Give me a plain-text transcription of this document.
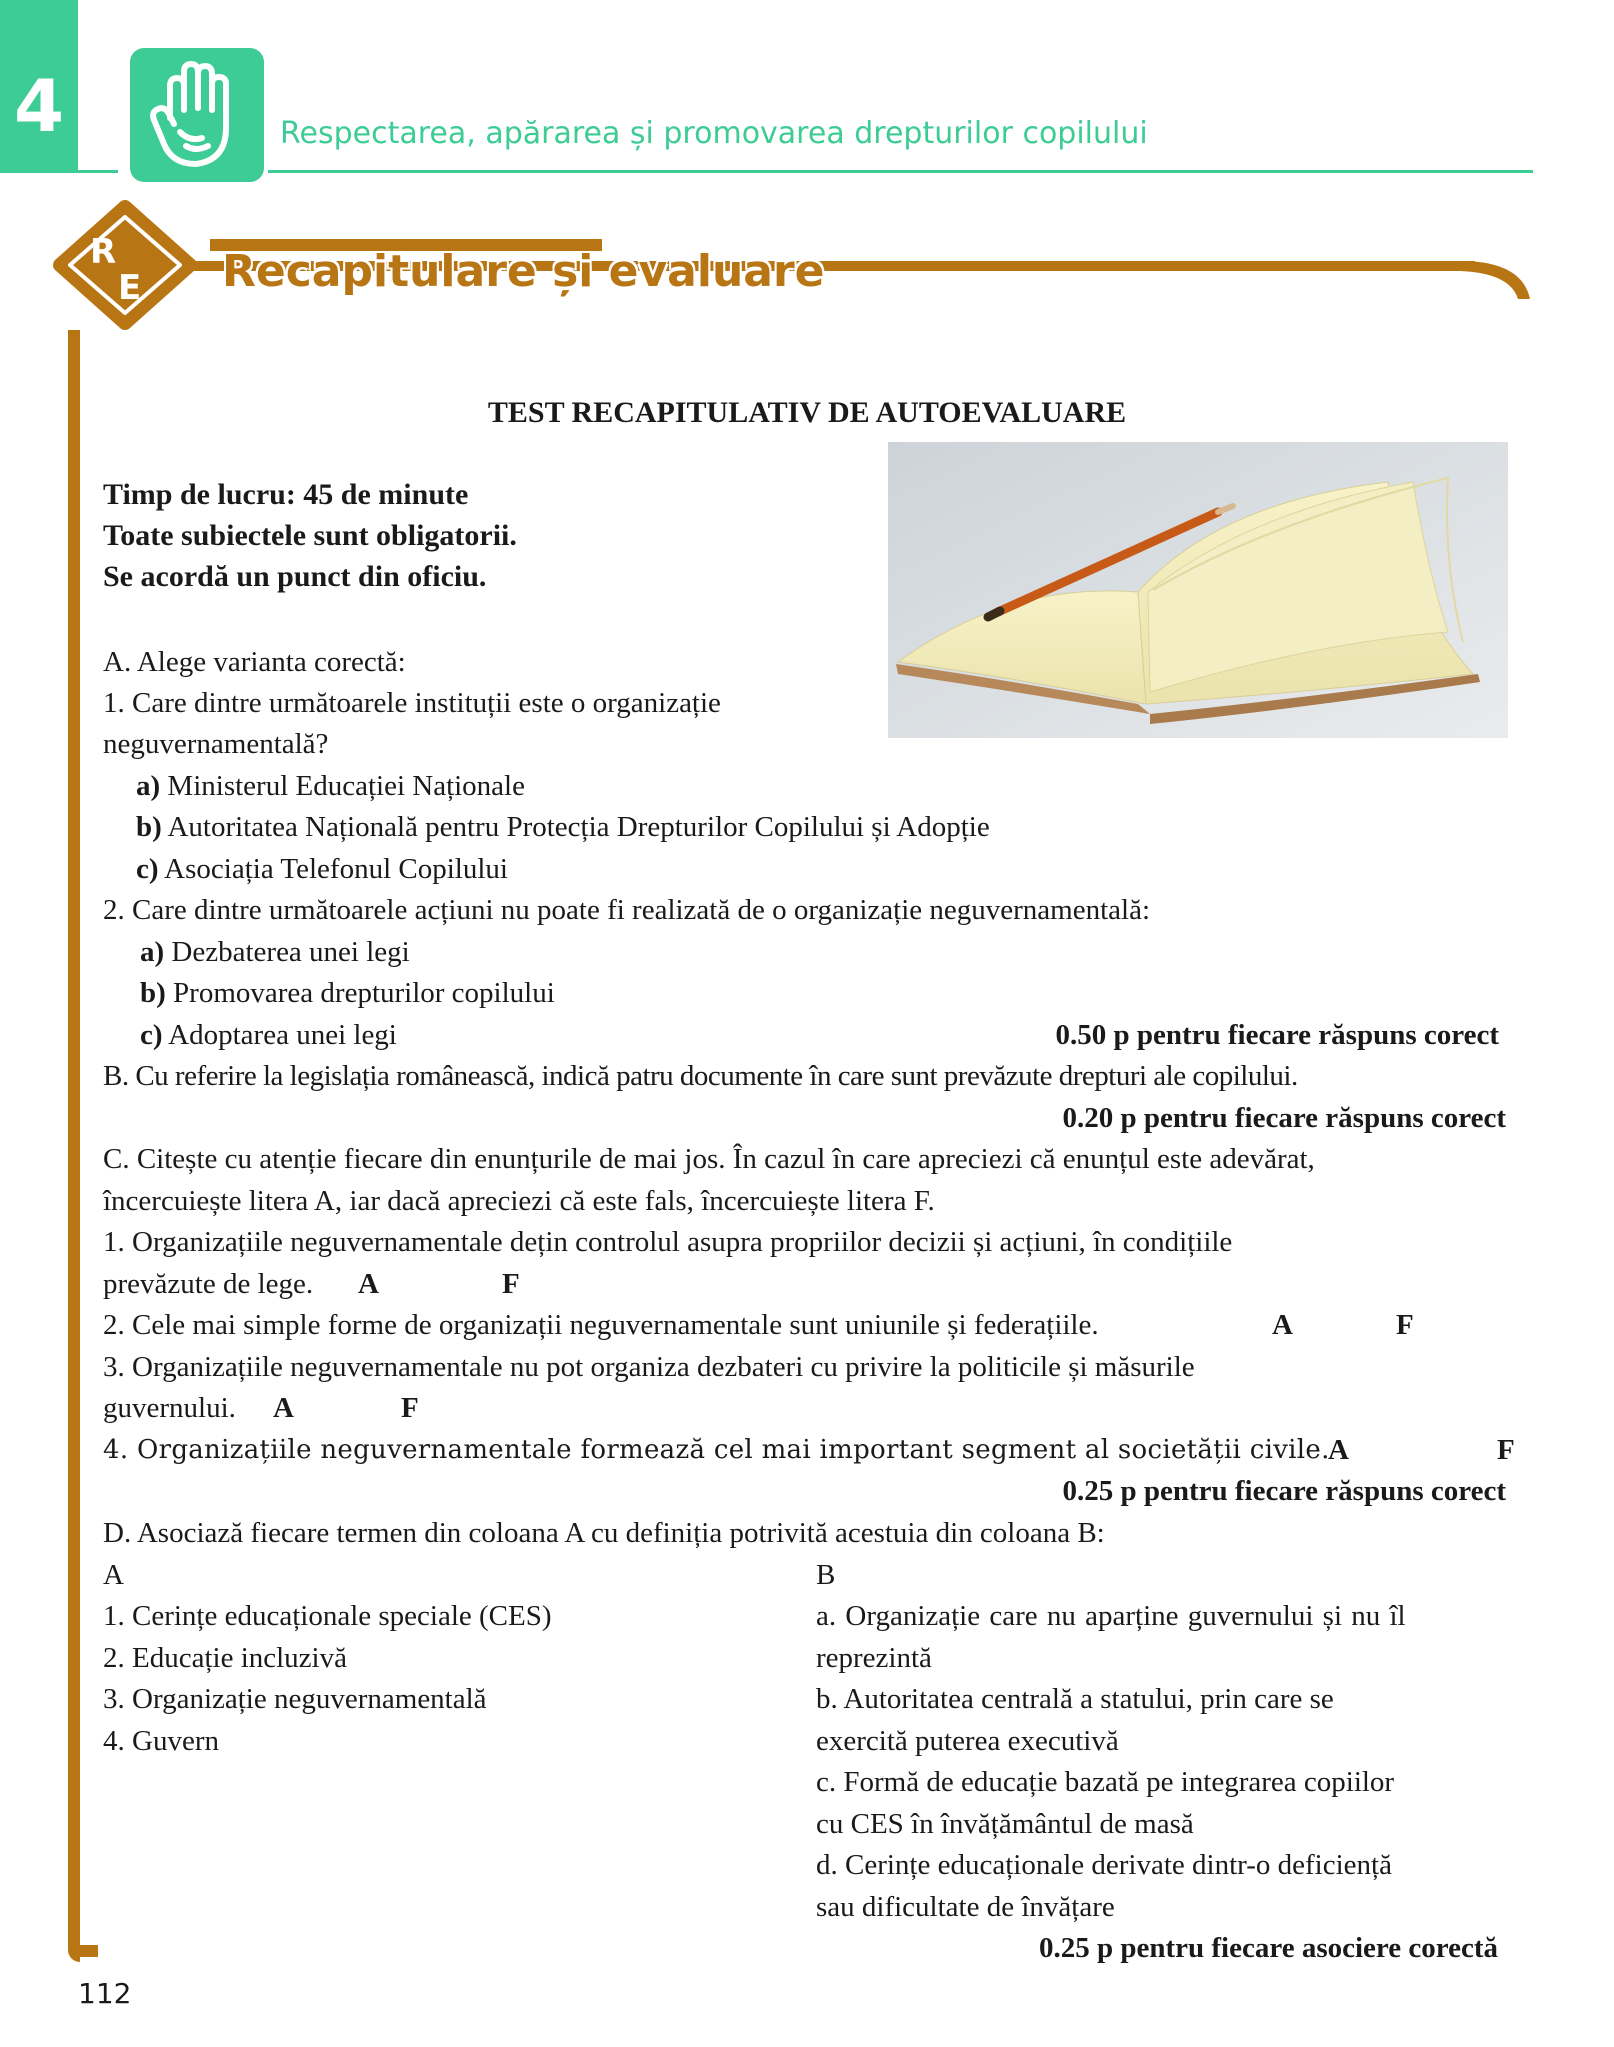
4	Respectarea, apărarea și promovarea drepturilor copilului
R
E Recapitulare și evaluare
TEST RECAPITULATIV DE AUTOEVALUARE
Timp de lucru: 45 de minute
Toate subiectele sunt obligatorii.
Se acordă un punct din oficiu.
A. Alege varianta corectă:
1. Care dintre următoarele instituții este o organizație
neguvernamentală?
a) Ministerul Educației Naționale
b) Autoritatea Națională pentru Protecția Drepturilor Copilului și Adopție
c) Asociația Telefonul Copilului
2. Care dintre următoarele acțiuni nu poate fi realizată de o organizație neguvernamentală:
a) Dezbaterea unei legi
b) Promovarea drepturilor copilului
c) Adoptarea unei legi	0.50 p pentru fiecare răspuns corect
B. Cu referire la legislația românească, indică patru documente în care sunt prevăzute drepturi ale copilului.
0.20 p pentru fiecare răspuns corect
C. Citește cu atenție fiecare din enunțurile de mai jos. În cazul în care apreciezi că enunțul este adevărat,
încercuiește litera A, iar dacă apreciezi că este fals, încercuiește litera F.
1. Organizațiile neguvernamentale dețin controlul asupra propriilor decizii și acțiuni, în condițiile
prevăzute de lege. A	F
2. Cele mai simple forme de organizații neguvernamentale sunt uniunile și federațiile.	A	F
3. Organizațiile neguvernamentale nu pot organiza dezbateri cu privire la politicile și măsurile
guvernului. A	F
4. Organizațiile neguvernamentale formează cel mai important segment al societății civile.
A	F
0.25 p pentru fiecare răspuns corect
D. Asociază fiecare termen din coloana A cu definiția potrivită acestuia din coloana B:
A	B
1. Cerințe educaționale speciale (CES)
2. Educație incluzivă
3. Organizație neguvernamentală
4. Guvern
a. Organizație care nu aparține guvernului și nu îl
reprezintă
b. Autoritatea centrală a statului, prin care se
exercită puterea executivă
c. Formă de educație bazată pe integrarea copiilor
cu CES în învățământul de masă
d. Cerințe educaționale derivate dintr-o deficiență
sau dificultate de învățare
0.25 p pentru fiecare asociere corectă
112
